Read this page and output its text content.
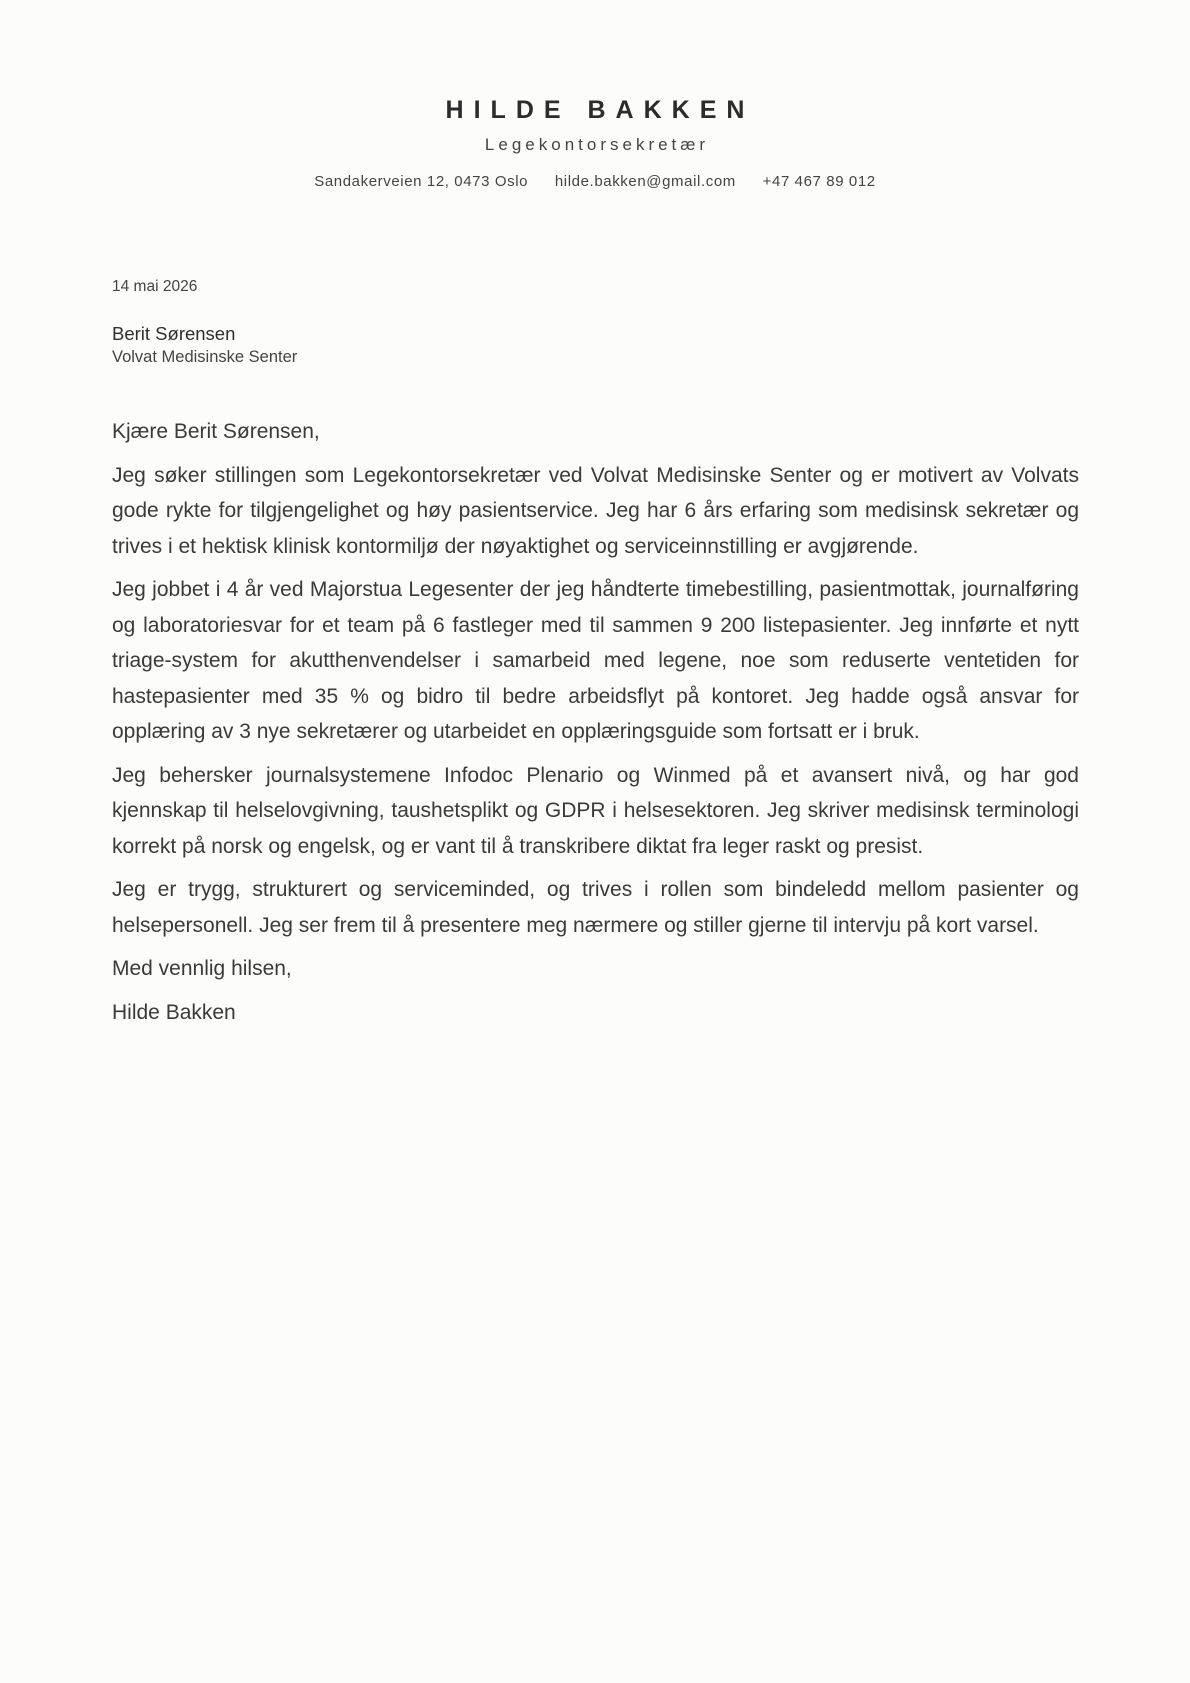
HILDE BAKKEN
Legekontorsekretær
Sandakerveien 12, 0473 Oslo hilde.bakken@gmail.com +47 467 89 012
14 mai 2026
Berit Sørensen
Volvat Medisinske Senter

Kjære Berit Sørensen,

Jeg søker stillingen som Legekontorsekretær ved Volvat Medisinske Senter og er motivert av Volvats gode rykte for tilgjengelighet og høy pasientservice. Jeg har 6 års erfaring som medisinsk sekretær og trives i et hektisk klinisk kontormiljø der nøyaktighet og serviceinnstilling er avgjørende.

Jeg jobbet i 4 år ved Majorstua Legesenter der jeg håndterte timebestilling, pasientmottak, journalføring og laboratoriesvar for et team på 6 fastleger med til sammen 9 200 listepasienter. Jeg innførte et nytt triage-system for akutthenvendelser i samarbeid med legene, noe som reduserte ventetiden for hastepasienter med 35 % og bidro til bedre arbeidsflyt på kontoret. Jeg hadde også ansvar for opplæring av 3 nye sekretærer og utarbeidet en opplæringsguide som fortsatt er i bruk.

Jeg behersker journalsystemene Infodoc Plenario og Winmed på et avansert nivå, og har god kjennskap til helselovgivning, taushetsplikt og GDPR i helsesektoren. Jeg skriver medisinsk terminologi korrekt på norsk og engelsk, og er vant til å transkribere diktat fra leger raskt og presist.

Jeg er trygg, strukturert og serviceminded, og trives i rollen som bindeledd mellom pasienter og helsepersonell. Jeg ser frem til å presentere meg nærmere og stiller gjerne til intervju på kort varsel.

Med vennlig hilsen,

Hilde Bakken
